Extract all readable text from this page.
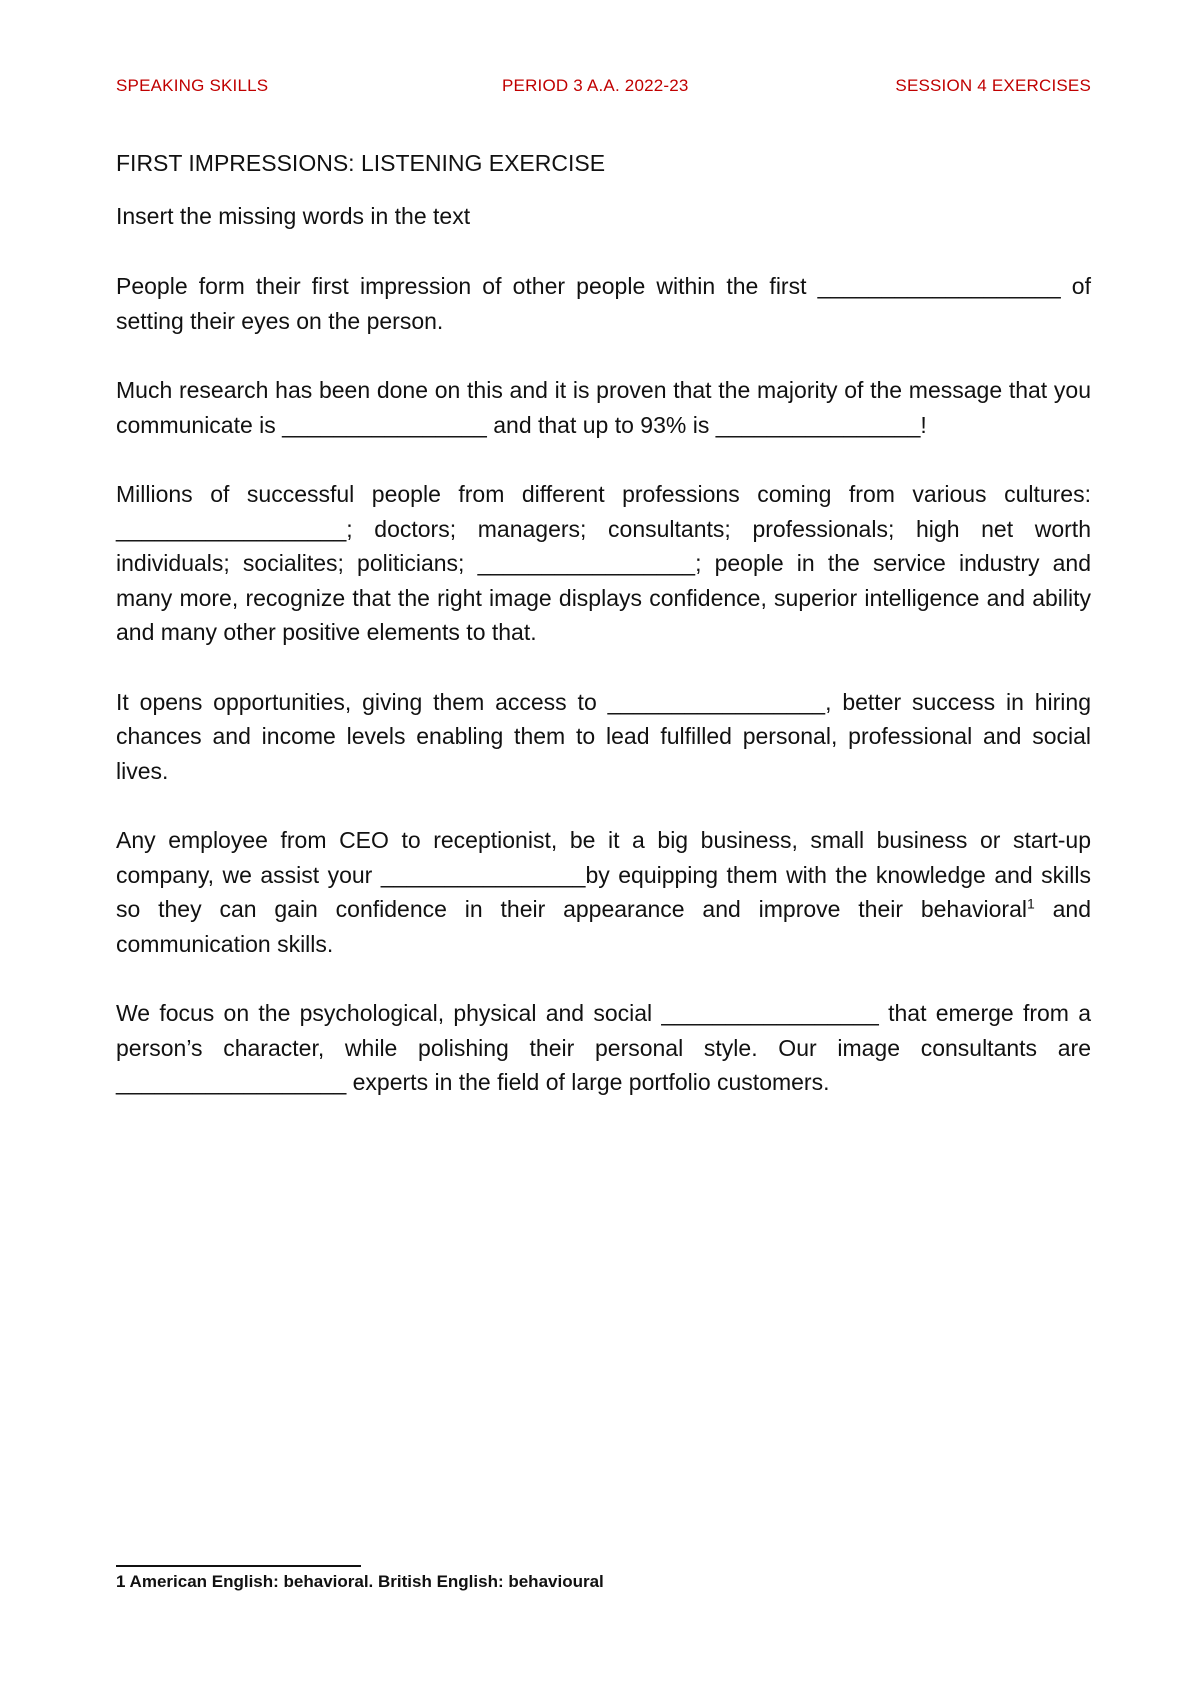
SPEAKING SKILLS	PERIOD 3 A.A. 2022-23	SESSION 4 EXERCISES
FIRST IMPRESSIONS: LISTENING EXERCISE
Insert the missing words in the text

People form their first impression of other people within the first ___________________ of setting their eyes on the person.

Much research has been done on this and it is proven that the majority of the message that you communicate is ________________ and that up to 93% is ________________!

Millions of successful people from different professions coming from various cultures: __________________; doctors; managers; consultants; professionals; high net worth individuals; socialites; politicians; _________________; people in the service industry and many more, recognize that the right image displays confidence, superior intelligence and ability and many other positive elements to that.

It opens opportunities, giving them access to _________________, better success in hiring chances and income levels enabling them to lead fulfilled personal, professional and social lives.

Any employee from CEO to receptionist, be it a big business, small business or start-up company, we assist your ________________by equipping them with the knowledge and skills so they can gain confidence in their appearance and improve their behavioral$^1$ and communication skills.

We focus on the psychological, physical and social _________________ that emerge from a person’s character, while polishing their personal style. Our image consultants are __________________ experts in the field of large portfolio customers.

1 American English: behavioral. British English: behavioural
